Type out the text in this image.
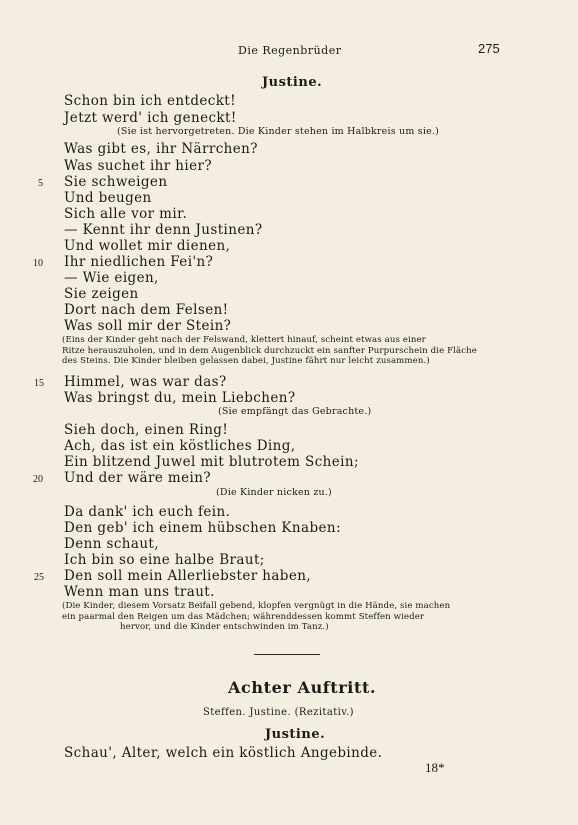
Die Regenbrüder	275
Justine.
Schon bin ich entdeckt!
Jetzt werd' ich geneckt!
(Sie ist hervorgetreten. Die Kinder stehen im Halbkreis um sie.)
Was gibt es, ihr Närrchen?
Was suchet ihr hier?
5 Sie schweigen
Und beugen
Sich alle vor mir.
— Kennt ihr denn Justinen?
Und wollet mir dienen,
10 Ihr niedlichen Fei'n?
— Wie eigen,
Sie zeigen
Dort nach dem Felsen!
Was soll mir der Stein?
(Eins der Kinder geht nach der Felswand, klettert hinauf, scheint etwas aus einer
Ritze herauszuholen, und in dem Augenblick durchzuckt ein sanfter Purpurschein die Fläche
des Steins. Die Kinder bleiben gelassen dabei, Justine fährt nur leicht zusammen.)
15 Himmel, was war das?
Was bringst du, mein Liebchen?
(Sie empfängt das Gebrachte.)
Sieh doch, einen Ring!
Ach, das ist ein köstliches Ding,
Ein blitzend Juwel mit blutrotem Schein;
20 Und der wäre mein?
(Die Kinder nicken zu.)
Da dank' ich euch fein.
Den geb' ich einem hübschen Knaben:
Denn schaut,
Ich bin so eine halbe Braut;
25 Den soll mein Allerliebster haben,
Wenn man uns traut.
(Die Kinder, diesem Vorsatz Beifall gebend, klopfen vergnügt in die Hände, sie machen
ein paarmal den Reigen um das Mädchen; währenddessen kommt Steffen wieder
hervor, und die Kinder entschwinden im Tanz.)
Achter Auftritt.
Steffen. Justine. (Rezitativ.)
Justine.
Schau', Alter, welch ein köstlich Angebinde.
18*
